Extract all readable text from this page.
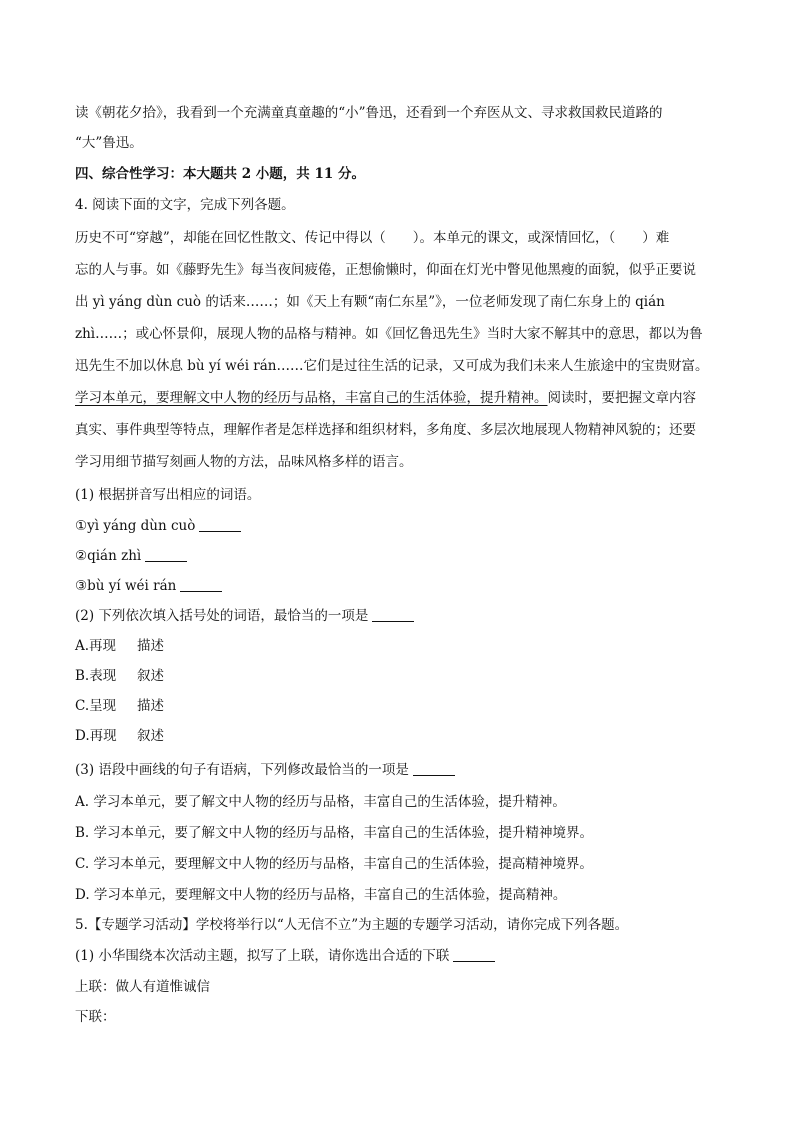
读《朝花夕拾》，我看到一个充满童真童趣的“小”鲁迅，还看到一个弃医从文、寻求救国救民道路的
“大”鲁迅。
四、综合性学习：本大题共 2 小题，共 11 分。
4. 阅读下面的文字，完成下列各题。
历史不可“穿越”，却能在回忆性散文、传记中得以（　　）。本单元的课文，或深情回忆，（　　）难
忘的人与事。如《藤野先生》每当夜间疲倦，正想偷懒时，仰面在灯光中瞥见他黑瘦的面貌，似乎正要说
出 yì yáng dùn cuò 的话来……；如《天上有颗“南仁东星”》，一位老师发现了南仁东身上的 qián
zhì……；或心怀景仰，展现人物的品格与精神。如《回忆鲁迅先生》当时大家不解其中的意思，都以为鲁
迅先生不加以休息 bù yí wéi rán……它们是过往生活的记录，又可成为我们未来人生旅途中的宝贵财富。
学习本单元，要理解文中人物的经历与品格，丰富自己的生活体验，提升精神。阅读时，要把握文章内容
真实、事件典型等特点，理解作者是怎样选择和组织材料，多角度、多层次地展现人物精神风貌的；还要
学习用细节描写刻画人物的方法，品味风格多样的语言。
(1) 根据拼音写出相应的词语。
①yì yáng dùn cuò
②qián zhì
③bù yí wéi rán
(2) 下列依次填入括号处的词语，最恰当的一项是
A.再现 描述
B.表现 叙述
C.呈现 描述
D.再现 叙述
(3) 语段中画线的句子有语病，下列修改最恰当的一项是
A. 学习本单元，要了解文中人物的经历与品格，丰富自己的生活体验，提升精神。
B. 学习本单元，要了解文中人物的经历与品格，丰富自己的生活体验，提升精神境界。
C. 学习本单元，要理解文中人物的经历与品格，丰富自己的生活体验，提高精神境界。
D. 学习本单元，要理解文中人物的经历与品格，丰富自己的生活体验，提高精神。
5.【专题学习活动】学校将举行以“人无信不立”为主题的专题学习活动，请你完成下列各题。
(1) 小华围绕本次活动主题，拟写了上联，请你选出合适的下联
上联：做人有道惟诚信
下联：
